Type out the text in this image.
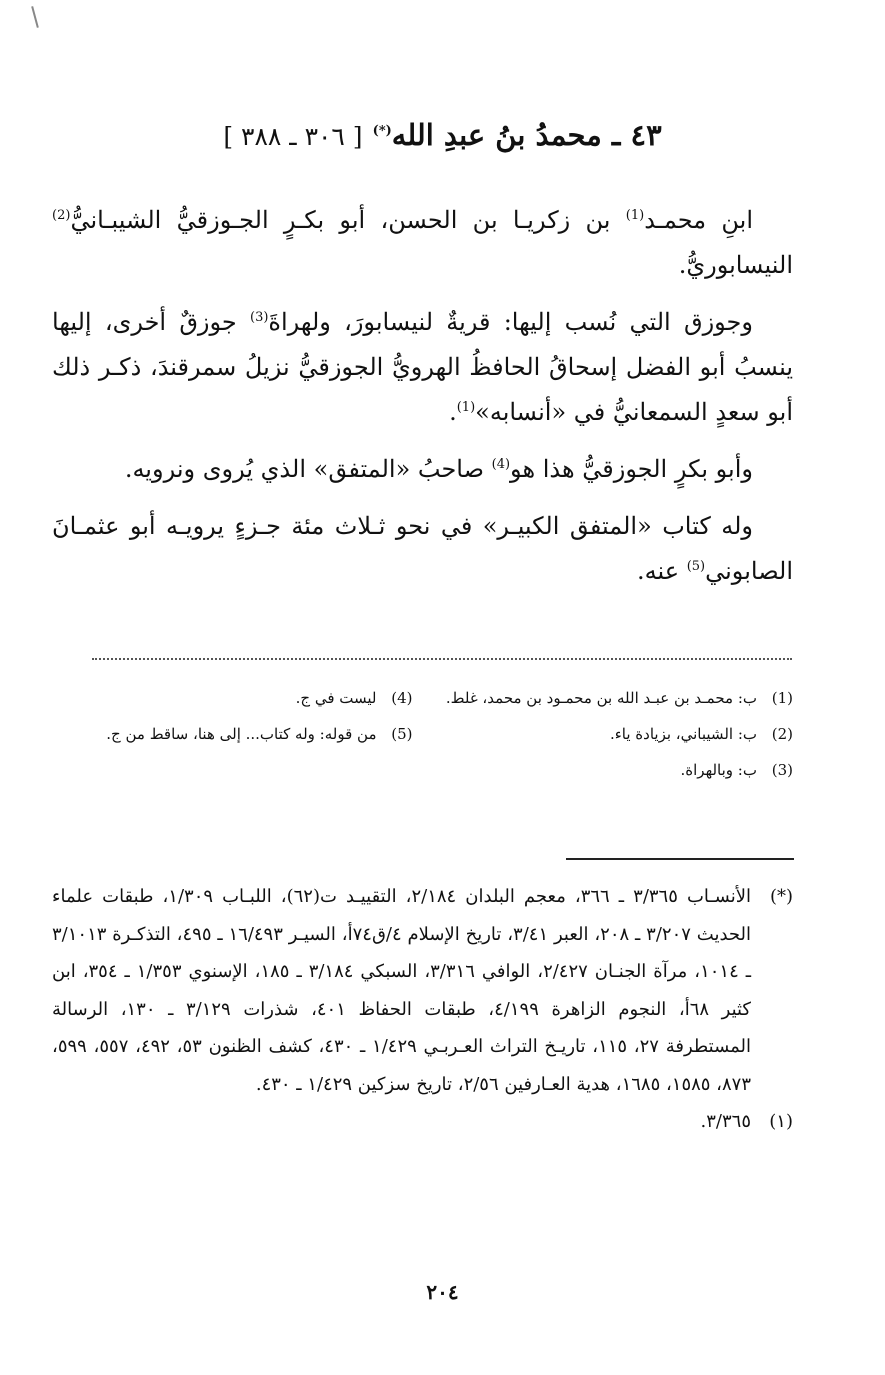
٤٣ ـ محمدُ بنُ عبدِ الله(*) [ ٣٠٦ ـ ٣٨٨ ]

ابنِ محمـد$^{(1)}$ بن زكريـا بن الحسن، أبو بكـرٍ الجـوزقيُّ الشيبـانيُّ$^{(2)}$ النيسابوريُّ.

وجوزق التي نُسب إليها: قريةٌ لنيسابورَ، ولهراةَ$^{(3)}$ جوزقٌ أخرى، إليها ينسبُ أبو الفضل إسحاقُ الحافظُ الهرويُّ الجوزقيُّ نزيلُ سمرقندَ، ذكـر ذلك أبو سعدٍ السمعانيُّ في «أنسابه»$^{(1)}$.

وأبو بكرٍ الجوزقيُّ هذا هو$^{(4)}$ صاحبُ «المتفق» الذي يُروى ونرويه.

وله كتاب «المتفق الكبيـر» في نحو ثـلاث مئة جـزءٍ يرويـه أبو عثمـانَ الصابوني$^{(5)}$ عنه.

(1)
ب: محمـد بن عبـد الله بن محمـود بن محمد، غلط.
(2)
ب: الشيباني، بزيادة ياء.
(3)
ب: وبالهراة.
(4)
ليست في ج.
(5)
من قوله: وله كتاب... إلى هنا، ساقط من ج.
(*)
الأنسـاب ٣/٣٦٥ ـ ٣٦٦، معجم البلدان ٢/١٨٤، التقييـد ت(٦٢)، اللبـاب ١/٣٠٩، طبقات علماء الحديث ٣/٢٠٧ ـ ٢٠٨، العبر ٣/٤١، تاريخ الإسلام ٤/ق٧٤أ، السيـر ١٦/٤٩٣ ـ ٤٩٥، التذكـرة ٣/١٠١٣ ـ ١٠١٤، مرآة الجنـان ٢/٤٢٧، الوافي ٣/٣١٦، السبكي ٣/١٨٤ ـ ١٨٥، الإسنوي ١/٣٥٣ ـ ٣٥٤، ابن كثير ٦٨أ، النجوم الزاهرة ٤/١٩٩، طبقات الحفاظ ٤٠١، شذرات ٣/١٢٩ ـ ١٣٠، الرسالة المستطرفة ٢٧، ١١٥، تاريـخ التراث العـربـي ١/٤٢٩ ـ ٤٣٠، كشف الظنون ٥٣، ٤٩٢، ٥٥٧، ٥٩٩، ٨٧٣، ١٥٨٥، ١٦٨٥، هدية العـارفين ٢/٥٦، تاريخ سزكين ١/٤٢٩ ـ ٤٣٠.
(١)
٣/٣٦٥.
٢٠٤
